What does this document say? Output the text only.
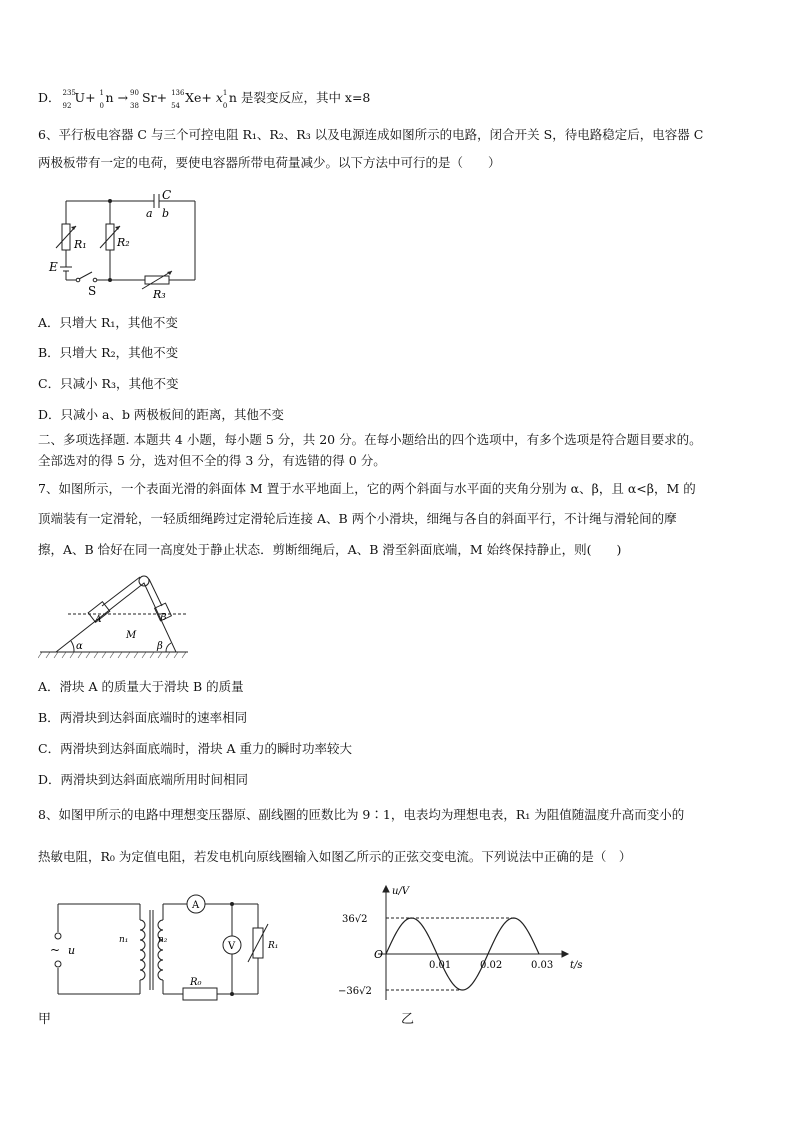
D． 235
92
U+ 1
0
n → 90
38
Sr+ 136
54
Xe+ x 1
0
n 是裂变反应，其中 x=8
6、平行板电容器 C 与三个可控电阻 R₁、R₂、R₃ 以及电源连成如图所示的电路，闭合开关 S，待电路稳定后，电容器 C
两极板带有一定的电荷，要使电容器所带电荷量减少。以下方法中可行的是（　　）
C
a b
R₁	R₂
E
S	R₃
A．只增大 R₁，其他不变
B．只增大 R₂，其他不变
C．只减小 R₃，其他不变
D．只减小 a、b 两极板间的距离，其他不变
二、多项选择题. 本题共 4 小题，每小题 5 分，共 20 分。在每小题给出的四个选项中，有多个选项是符合题目要求的。
全部选对的得 5 分，选对但不全的得 3 分，有选错的得 0 分。
7、如图所示，一个表面光滑的斜面体 M 置于水平地面上，它的两个斜面与水平面的夹角分别为 α、β，且 α<β，M 的
顶端装有一定滑轮，一轻质细绳跨过定滑轮后连接 A、B 两个小滑块，细绳与各自的斜面平行，不计绳与滑轮间的摩
擦，A、B 恰好在同一高度处于静止状态．剪断细绳后，A、B 滑至斜面底端，M 始终保持静止，则(　　)
A	B
M
α	β
A．滑块 A 的质量大于滑块 B 的质量
B．两滑块到达斜面底端时的速率相同
C．两滑块到达斜面底端时，滑块 A 重力的瞬时功率较大
D．两滑块到达斜面底端所用时间相同
8、如图甲所示的电路中理想变压器原、副线圈的匝数比为 9∶1，电表均为理想电表，R₁ 为阻值随温度升高而变小的
热敏电阻，R₀ 为定值电阻，若发电机向原线圈输入如图乙所示的正弦交变电流。下列说法中正确的是（　）
~ u
n₁	n₂
A
V	R₁
R₀
甲
0.01	0.02	0.03
36√2
−36√2
O
t/s
u/V
乙
